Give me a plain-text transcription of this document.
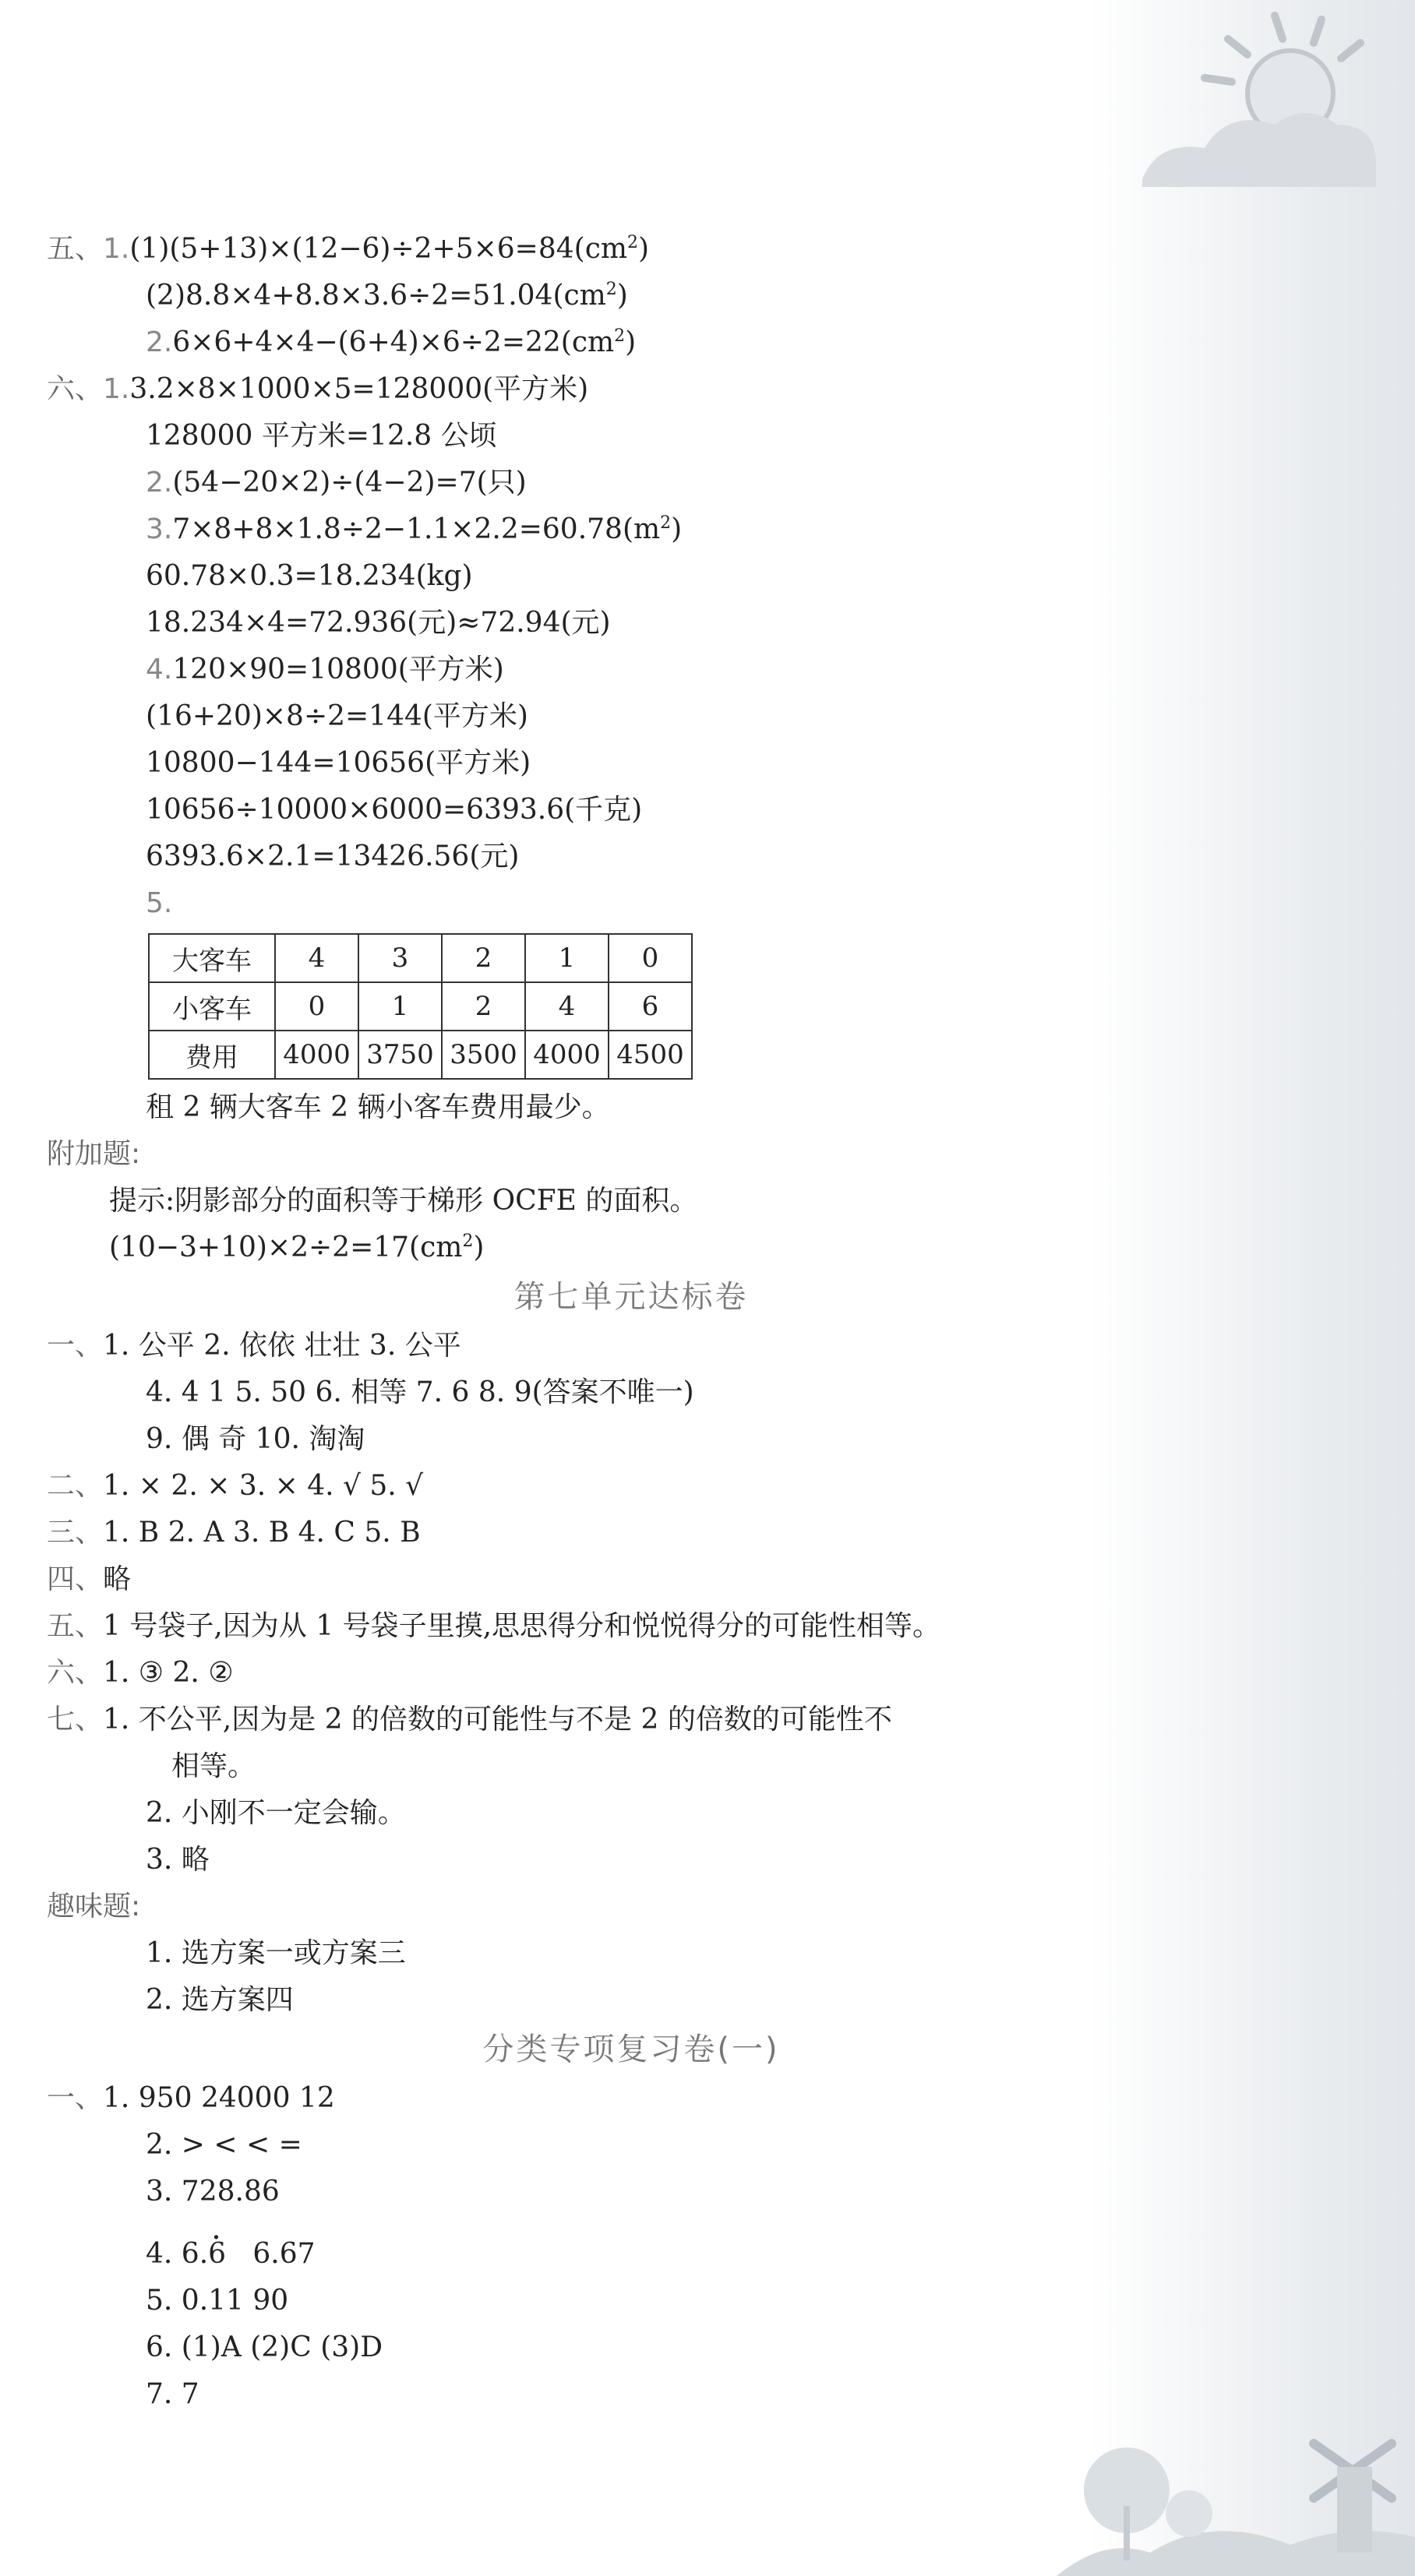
五、$1.(1)(5+13)\times(12-6)\div 2+5\times 6=84(cm^2)$
$(2)8.8\times 4+8.8\times 3.6\div 2=51.04(cm^2)$
$2.6\times 6+4\times 4-(6+4)\times 6\div 2=22(cm^2)$
六、1.3.2×8×1000×5=128000(平方米)
128000 平方米=12.8 公顷
2.(54−20×2)÷(4−2)=7(只)
$3.7\times 8+8\times 1.8\div 2-1.1\times 2.2=60.78(m^2)$
60.78×0.3=18.234(kg)
18.234×4=72.936(元)≈72.94(元)
4.120×90=10800(平方米)
(16+20)×8÷2=144(平方米)
10800−144=10656(平方米)
10656÷10000×6000=6393.6(千克)
6393.6×2.1=13426.56(元)
5.
大客车	4	3	2	1	0
小客车	0	1	2	4	6
费用	4000	3750	3500	4000	4500
租 2 辆大客车 2 辆小客车费用最少。
附加题:
提示:阴影部分的面积等于梯形 OCFE 的面积。
$(10-3+10)\times 2\div 2=17(cm^2)$
第七单元达标卷
一、1. 公平 2. 依依 壮壮 3. 公平
4. 4 1 5. 50 6. 相等 7. 6 8. 9(答案不唯一)
9. 偶 奇 10. 淘淘
二、1. × 2. × 3. × 4. √ 5. √
三、1. B 2. A 3. B 4. C 5. B
四、略
五、1 号袋子,因为从 1 号袋子里摸,思思得分和悦悦得分的可能性相等。
六、1. ③ 2. ②
七、1. 不公平,因为是 2 的倍数的可能性与不是 2 的倍数的可能性不
相等。
2. 小刚不一定会输。
3. 略
趣味题:
1. 选方案一或方案三
2. 选方案四
分类专项复习卷(一)
一、1. 950 24000 12
2. > < < =
3. 728.86
4. 6.· 6   6.67
5. 0.11 90
6. (1)A (2)C (3)D
7. 7
